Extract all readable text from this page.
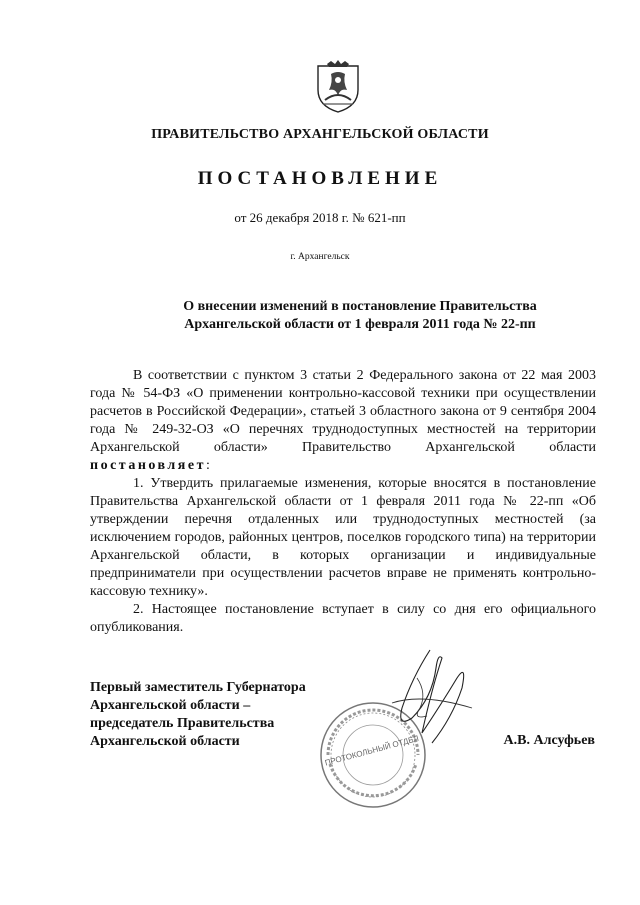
ПРАВИТЕЛЬСТВО АРХАНГЕЛЬСКОЙ ОБЛАСТИ
ПОСТАНОВЛЕНИЕ
от 26 декабря 2018 г. № 621-пп
г. Архангельск
О внесении изменений в постановление Правительства
Архангельской области от 1 февраля 2011 года № 22-пп

В соответствии с пунктом 3 статьи 2 Федерального закона от 22 мая 2003 года № 54-ФЗ «О применении контрольно-кассовой техники при осуществлении расчетов в Российской Федерации», статьей 3 областного закона от 9 сентября 2004 года № 249-32-ОЗ «О перечнях труднодоступных местностей на территории Архангельской области» Правительство Архангельской области постановляет:

1. Утвердить прилагаемые изменения, которые вносятся в постановление Правительства Архангельской области от 1 февраля 2011 года № 22-пп «Об утверждении перечня отдаленных или труднодоступных местностей (за исключением городов, районных центров, поселков городского типа) на территории Архангельской области, в которых организации и индивидуальные предприниматели при осуществлении расчетов вправе не применять контрольно-кассовую технику».

2. Настоящее постановление вступает в силу со дня его официального опубликования.

Первый заместитель Губернатора
Архангельской области –
председатель Правительства
Архангельской области	ПРОТОКОЛЬНЫЙ ОТДЕЛ	А.В. Алсуфьев
